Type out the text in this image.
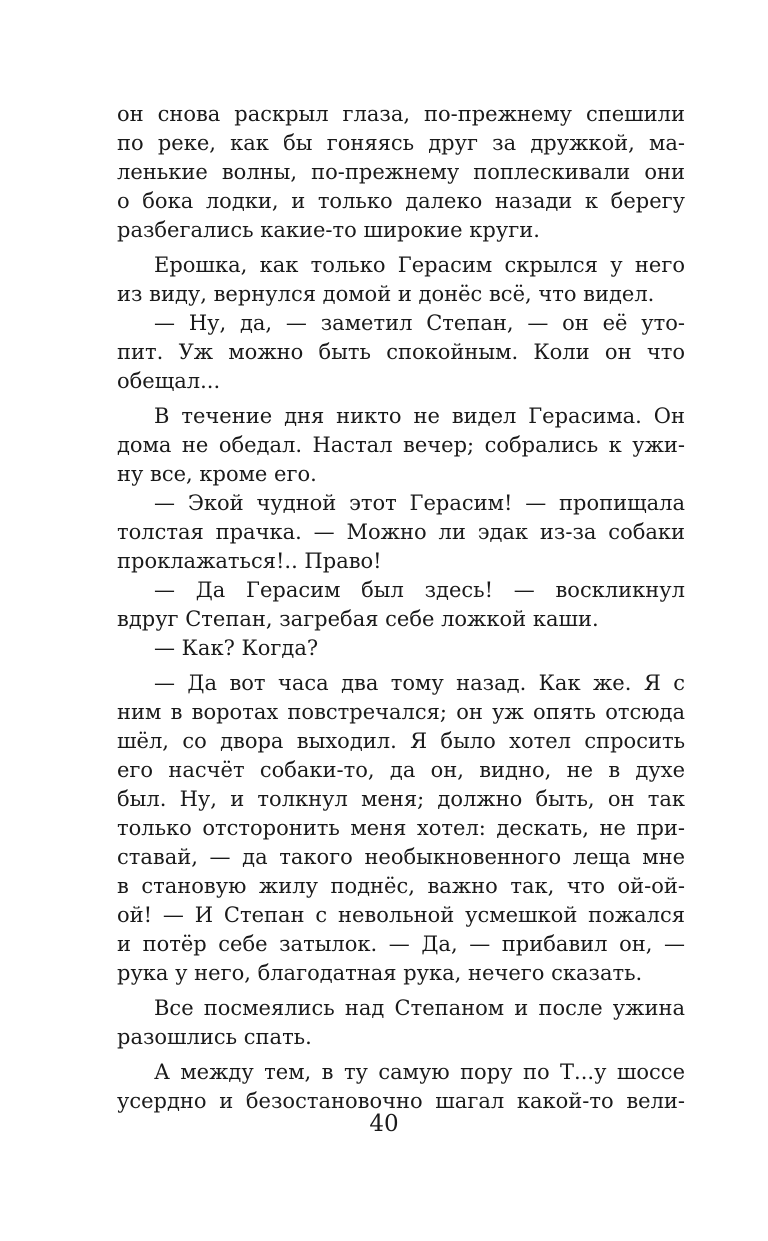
он снова раскрыл глаза, по-прежнему спешили
по реке, как бы гоняясь друг за дружкой, ма-
ленькие волны, по-прежнему поплескивали они
о бока лодки, и только далеко назади к берегу
разбегались какие-то широкие круги.
Ерошка, как только Герасим скрылся у него
из виду, вернулся домой и донёс всё, что видел.
— Ну, да, — заметил Степан, — он её уто-
пит. Уж можно быть спокойным. Коли он что
обещал...
В течение дня никто не видел Герасима. Он
дома не обедал. Настал вечер; собрались к ужи-
ну все, кроме его.
— Экой чудной этот Герасим! — пропищала
толстая прачка. — Можно ли эдак из-за собаки
проклажаться!.. Право!
— Да Герасим был здесь! — воскликнул
вдруг Степан, загребая себе ложкой каши.
— Как? Когда?
— Да вот часа два тому назад. Как же. Я с
ним в воротах повстречался; он уж опять отсюда
шёл, со двора выходил. Я было хотел спросить
его насчёт собаки-то, да он, видно, не в духе
был. Ну, и толкнул меня; должно быть, он так
только отсторонить меня хотел: дескать, не при-
ставай, — да такого необыкновенного леща мне
в становую жилу поднёс, важно так, что ой-ой-
ой! — И Степан с невольной усмешкой пожался
и потёр себе затылок. — Да, — прибавил он, —
рука у него, благодатная рука, нечего сказать.
Все посмеялись над Степаном и после ужина
разошлись спать.
А между тем, в ту самую пору по Т...у шоссе
усердно и безостановочно шагал какой-то вели-
40
